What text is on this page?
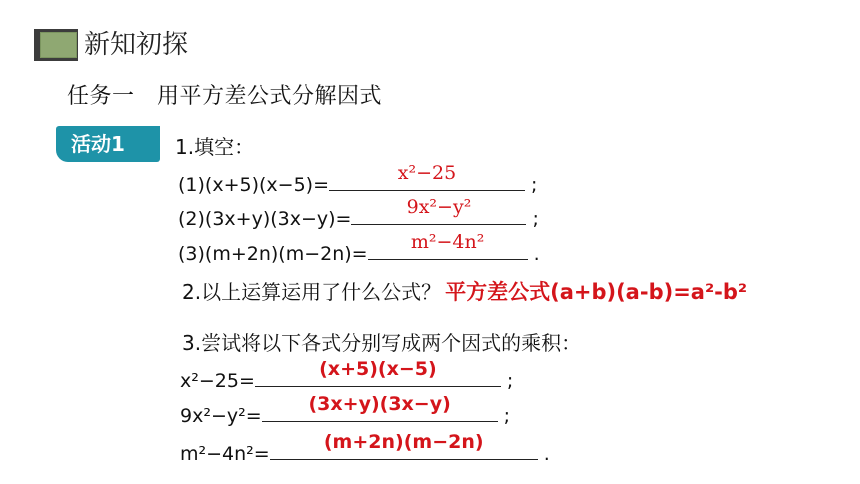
新知初探
任务一　用平方差公式分解因式
活动1	1.填空：
(1)(x+5)(x−5)=
x²−25
;
(2)(3x+y)(3x−y)=
9x²−y²
;
(3)(m+2n)(m−2n)=
m²−4n²
.
2.以上运算运用了什么公式？ 平方差公式(a+b)(a-b)=a²-b²
3.尝试将以下各式分别写成两个因式的乘积：
x²−25=
(x+5)(x−5)
;
9x²−y²=
(3x+y)(3x−y)
;
m²−4n²=
(m+2n)(m−2n)
.
